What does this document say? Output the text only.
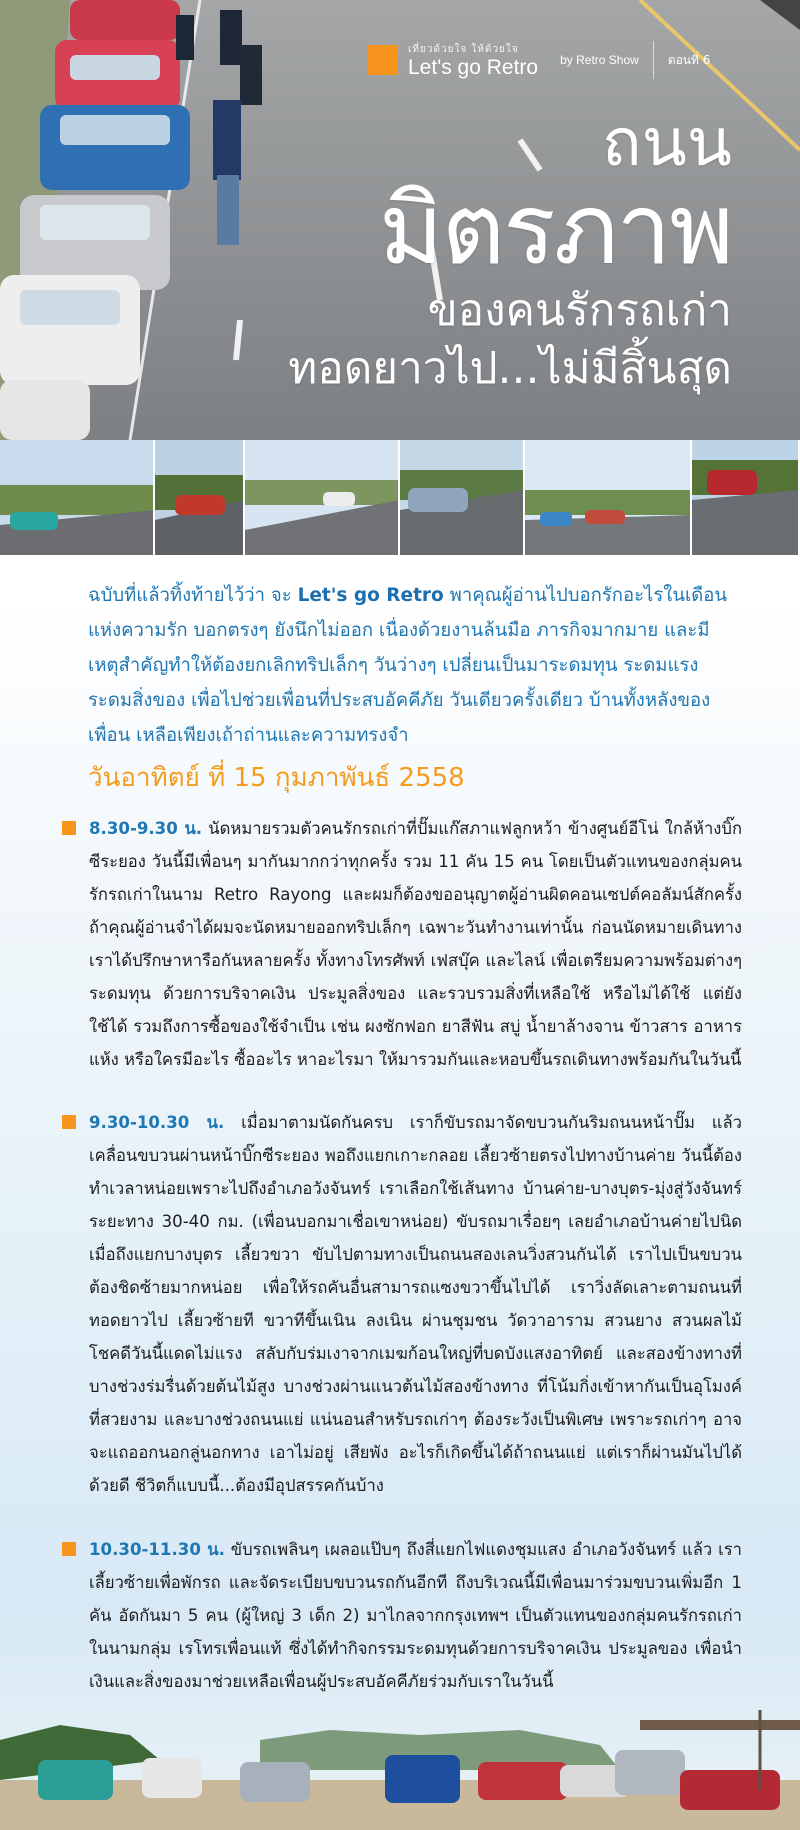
เที่ยวด้วยใจ ให้ด้วยใจ
Let's go Retro by Retro Show ตอนที่ 6
ถนน
มิตรภาพ
ของคนรักรถเก่า
ทอดยาวไป...ไม่มีสิ้นสุด
ฉบับที่แล้วทิ้งท้ายไว้ว่า จะ Let's go Retro พาคุณผู้อ่านไปบอกรักอะไรในเดือนแห่งความรัก บอกตรงๆ ยังนึกไม่ออก เนื่องด้วยงานล้นมือ ภารกิจมากมาย และมีเหตุสำคัญทำให้ต้องยกเลิกทริปเล็กๆ วันว่างๆ เปลี่ยนเป็นมาระดมทุน ระดมแรง ระดมสิ่งของ เพื่อไปช่วยเพื่อนที่ประสบอัคคีภัย วันเดียวครั้งเดียว บ้านทั้งหลังของเพื่อน เหลือเพียงเถ้าถ่านและความทรงจำ
วันอาทิตย์ ที่ 15 กุมภาพันธ์ 2558
8.30-9.30 น. นัดหมายรวมตัวคนรักรถเก่าที่ปั๊มแก๊สภาแฟลูกหว้า ข้างศูนย์อีโน่ ใกล้ห้างบิ๊กซีระยอง วันนี้มีเพื่อนๆ มากันมากกว่าทุกครั้ง รวม 11 คัน 15 คน โดยเป็นตัวแทนของกลุ่มคนรักรถเก่าในนาม Retro Rayong และผมก็ต้องขออนุญาตผู้อ่านผิดคอนเซปต์คอลัมน์สักครั้ง ถ้าคุณผู้อ่านจำได้ผมจะนัดหมายออกทริปเล็กๆ เฉพาะวันทำงานเท่านั้น ก่อนนัดหมายเดินทาง เราได้ปรึกษาหารือกันหลายครั้ง ทั้งทางโทรศัพท์ เฟสบุ๊ค และไลน์ เพื่อเตรียมความพร้อมต่างๆ ระดมทุน ด้วยการบริจาคเงิน ประมูลสิ่งของ และรวบรวมสิ่งที่เหลือใช้ หรือไม่ได้ใช้ แต่ยังใช้ได้ รวมถึงการซื้อของใช้จำเป็น เช่น ผงซักฟอก ยาสีฟัน สบู่ น้ำยาล้างจาน ข้าวสาร อาหารแห้ง หรือใครมีอะไร ซื้ออะไร หาอะไรมา ให้มารวมกันและหอบขึ้นรถเดินทางพร้อมกันในวันนี้
9.30-10.30 น. เมื่อมาตามนัดกันครบ เราก็ขับรถมาจัดขบวนกันริมถนนหน้าปั๊ม แล้วเคลื่อนขบวนผ่านหน้าบิ๊กซีระยอง พอถึงแยกเกาะกลอย เลี้ยวซ้ายตรงไปทางบ้านค่าย วันนี้ต้องทำเวลาหน่อยเพราะไปถึงอำเภอวังจันทร์ เราเลือกใช้เส้นทาง บ้านค่าย-บางบุตร-มุ่งสู่วังจันทร์ ระยะทาง 30-40 กม. (เพื่อนบอกมาเชื่อเขาหน่อย) ขับรถมาเรื่อยๆ เลยอำเภอบ้านค่ายไปนิด เมื่อถึงแยกบางบุตร เลี้ยวขวา ขับไปตามทางเป็นถนนสองเลนวิ่งสวนกันได้ เราไปเป็นขบวนต้องชิดซ้ายมากหน่อย เพื่อให้รถคันอื่นสามารถแซงขวาขึ้นไปได้ เราวิ่งลัดเลาะตามถนนที่ทอดยาวไป เลี้ยวซ้ายที ขวาทีขึ้นเนิน ลงเนิน ผ่านชุมชน วัดวาอาราม สวนยาง สวนผลไม้ โชคดีวันนี้แดดไม่แรง สลับกับร่มเงาจากเมฆก้อนใหญ่ที่บดบังแสงอาทิตย์ และสองข้างทางที่บางช่วงร่มรื่นด้วยต้นไม้สูง บางช่วงผ่านแนวต้นไม้สองข้างทาง ที่โน้มกิ่งเข้าหากันเป็นอุโมงค์ที่สวยงาม และบางช่วงถนนแย่ แน่นอนสำหรับรถเก่าๆ ต้องระวังเป็นพิเศษ เพราะรถเก่าๆ อาจจะแถออกนอกลู่นอกทาง เอาไม่อยู่ เสียพัง อะไรก็เกิดขึ้นได้ถ้าถนนแย่ แต่เราก็ผ่านมันไปได้ด้วยดี ชีวิตก็แบบนี้...ต้องมีอุปสรรคกันบ้าง
10.30-11.30 น. ขับรถเพลินๆ เผลอแป๊บๆ ถึงสี่แยกไฟแดงชุมแสง อำเภอวังจันทร์ แล้ว เราเลี้ยวซ้ายเพื่อพักรถ และจัดระเบียบขบวนรถกันอีกที ถึงบริเวณนี้มีเพื่อนมาร่วมขบวนเพิ่มอีก 1 คัน อัดกันมา 5 คน (ผู้ใหญ่ 3 เด็ก 2) มาไกลจากกรุงเทพฯ เป็นตัวแทนของกลุ่มคนรักรถเก่าในนามกลุ่ม เรโทรเพื่อนแท้ ซึ่งได้ทำกิจกรรมระดมทุนด้วยการบริจาคเงิน ประมูลของ เพื่อนำเงินและสิ่งของมาช่วยเหลือเพื่อนผู้ประสบอัคคีภัยร่วมกับเราในวันนี้
